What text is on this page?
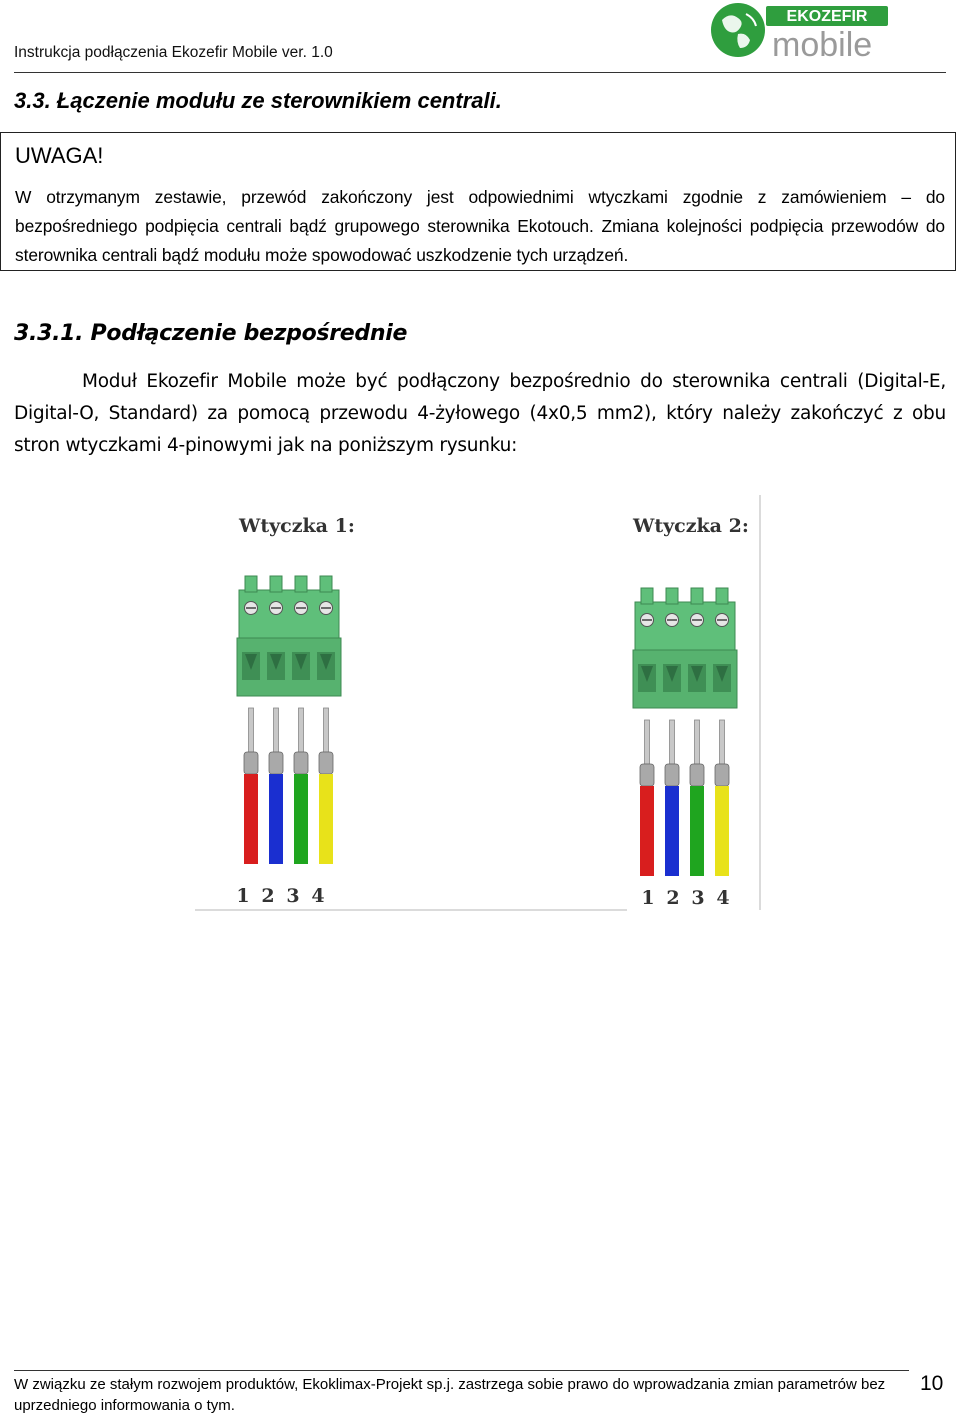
Instrukcja podłączenia Ekozefir Mobile ver. 1.0
EKOZEFIR
mobile
3.3. Łączenie modułu ze sterownikiem centrali.
UWAGA!
W otrzymanym zestawie, przewód zakończony jest odpowiednimi wtyczkami zgodnie z zamówieniem – do bezpośredniego podpięcia centrali bądź grupowego sterownika Ekotouch. Zmiana kolejności podpięcia przewodów do sterownika centrali bądź modułu może spowodować uszkodzenie tych urządzeń.
3.3.1. Podłączenie bezpośrednie
Moduł Ekozefir Mobile może być podłączony bezpośrednio do sterownika centrali (Digital-E, Digital-O, Standard) za pomocą przewodu 4-żyłowego (4x0,5 mm2), który należy zakończyć z obu stron wtyczkami 4-pinowymi jak na poniższym rysunku:
Wtyczka 1:	Wtyczka 2:
1 2 3 4	1 2 3 4
W związku ze stałym rozwojem produktów, Ekoklimax-Projekt sp.j. zastrzega sobie prawo do wprowadzania zmian parametrów bez uprzedniego informowania o tym.
10
